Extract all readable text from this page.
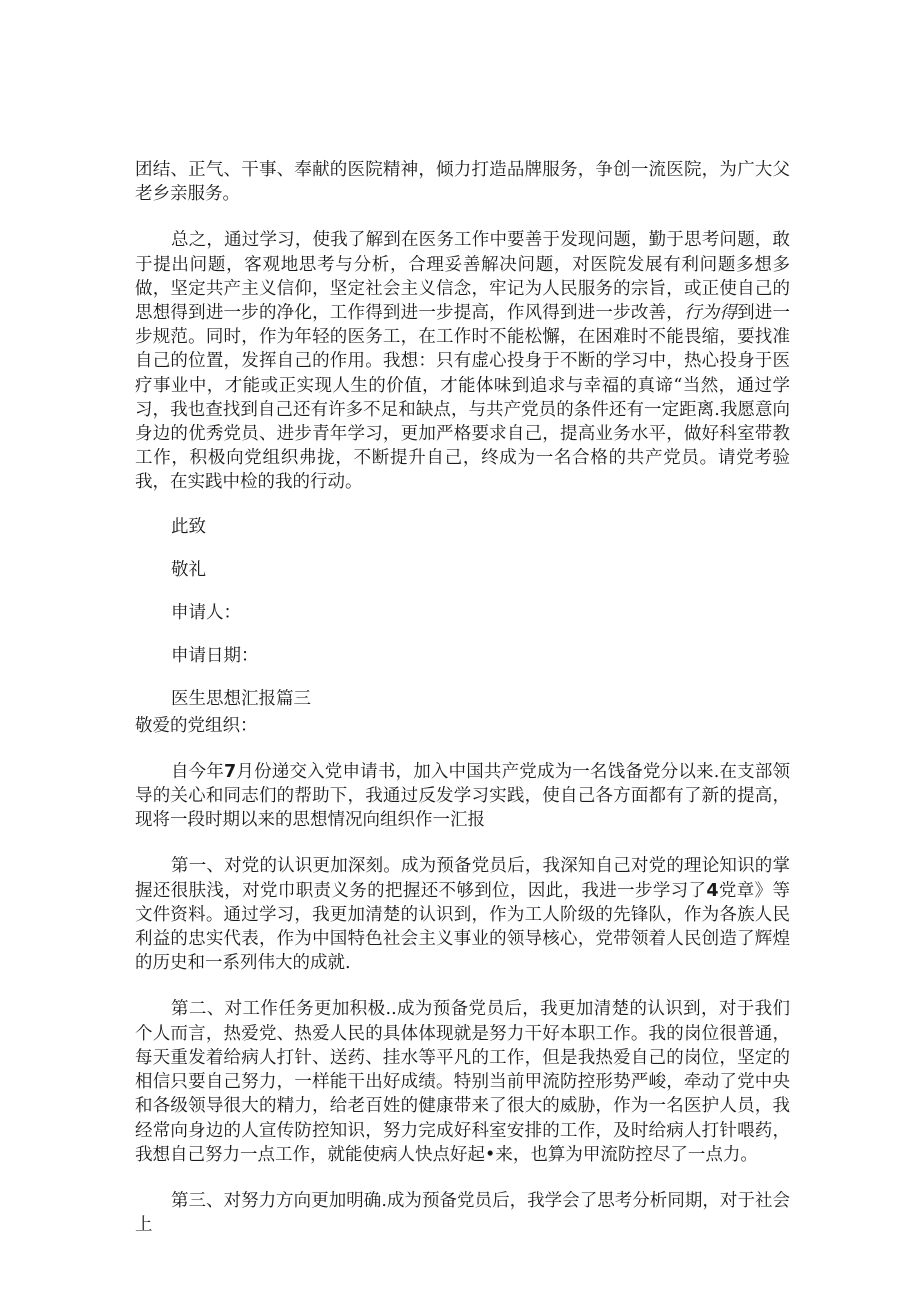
团结、正气、干事、奉献的医院精神，倾力打造品牌服务，争创一流医院，为广大父老乡亲服务。

总之，通过学习，使我了解到在医务工作中要善于发现问题，勤于思考问题，敢于提出问题，客观地思考与分析，合理妥善解决问题，对医院发展有利问题多想多做，坚定共产主义信仰，坚定社会主义信念，牢记为人民服务的宗旨，或正使自己的思想得到进一步的净化，工作得到进一步提高，作风得到进一步改善，行为得到进一步规范。同时，作为年轻的医务工，在工作时不能松懈，在困难时不能畏缩，要找准自己的位置，发挥自己的作用。我想：只有虚心投身于不断的学习中，热心投身于医疗事业中，才能或正实现人生的价值，才能体味到追求与幸福的真谛“当然，通过学习，我也查找到自己还有许多不足和缺点，与共产党员的条件还有一定距离.我愿意向身边的优秀党员、进步青年学习，更加严格要求自己，提高业务水平，做好科室带教工作，积极向党组织弗拢，不断提升自己，终成为一名合格的共产党员。请党考验我，在实践中检的我的行动。

此致

敬礼

申请人：

申请日期：

医生思想汇报篇三

敬爱的党组织：

自今年7月份递交入党申请书，加入中国共产党成为一名饯备党分以来.在支部领导的关心和同志们的帮助下，我通过反发学习实践，使自己各方面都有了新的提高，现将一段时期以来的思想情况向组织作一汇报

第一、对党的认识更加深刻。成为预备党员后，我深知自己对党的理论知识的掌握还很肤浅，对党巾职责义务的把握还不够到位，因此，我进一步学习了4党章》等文件资料。通过学习，我更加清楚的认识到，作为工人阶级的先锋队，作为各族人民利益的忠实代表，作为中国特色社会主义事业的领导核心，党带领着人民创造了辉煌的历史和一系列伟大的成就.

第二、对工作任务更加积极..成为预备党员后，我更加清楚的认识到，对于我们个人而言，热爱党、热爱人民的具体体现就是努力干好本职工作。我的岗位很普通，每天重发着给病人打针、送药、挂水等平凡的工作，但是我热爱自己的岗位，坚定的相信只要自己努力，一样能干出好成绩。特别当前甲流防控形势严峻，牵动了党中央和各级领导很大的精力，给老百姓的健康带来了很大的威胁，作为一名医护人员，我经常向身边的人宣传防控知识，努力完成好科室安排的工作，及时给病人打针喂药，我想自己努力一点工作，就能使病人快点好起•来，也算为甲流防控尽了一点力。

第三、对努力方向更加明确.成为预备党员后，我学会了思考分析同期，对于社会上
